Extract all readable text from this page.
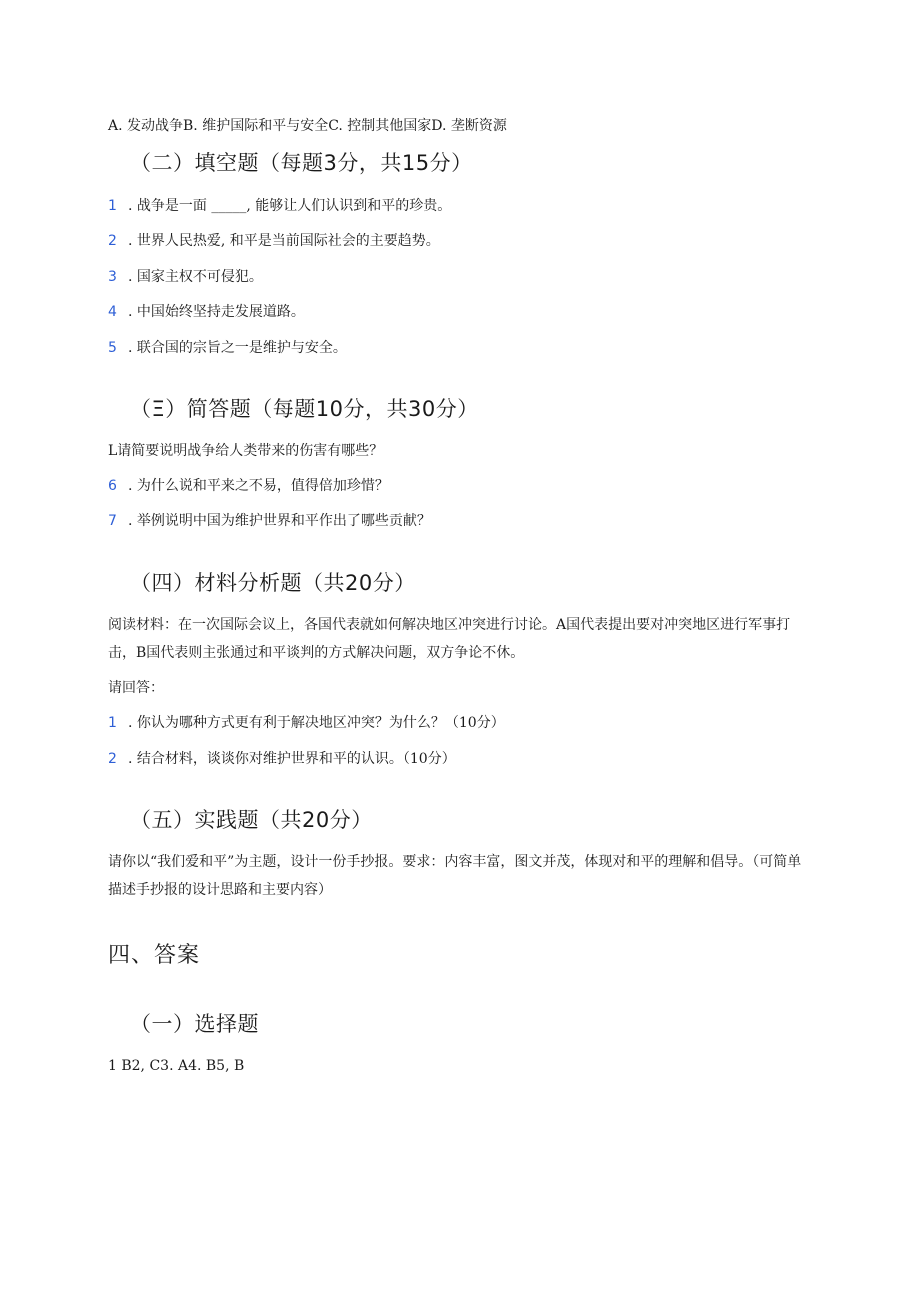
A. 发动战争B. 维护国际和平与安全C. 控制其他国家D. 垄断资源
（二）填空题（每题3分，共15分）
1 . 战争是一面 _____, 能够让人们认识到和平的珍贵。
2 . 世界人民热爱, 和平是当前国际社会的主要趋势。
3 . 国家主权不可侵犯。
4 . 中国始终坚持走发展道路。
5 . 联合国的宗旨之一是维护与安全。
（Ξ）简答题（每题10分，共30分）
L请简要说明战争给人类带来的伤害有哪些？
6 . 为什么说和平来之不易，值得倍加珍惜？
7 . 举例说明中国为维护世界和平作出了哪些贡献？
（四）材料分析题（共20分）
阅读材料：在一次国际会议上，各国代表就如何解决地区冲突进行讨论。A国代表提出要对冲突地区进行军事打击，B国代表则主张通过和平谈判的方式解决问题，双方争论不休。
请回答：
1 . 你认为哪种方式更有利于解决地区冲突？为什么？（10分）
2 . 结合材料，谈谈你对维护世界和平的认识。（10分）
（五）实践题（共20分）
请你以“我们爱和平”为主题，设计一份手抄报。要求：内容丰富，图文并茂，体现对和平的理解和倡导。（可简单描述手抄报的设计思路和主要内容）
四、答案
（一）选择题
1 B2, C3. A4. B5, B
